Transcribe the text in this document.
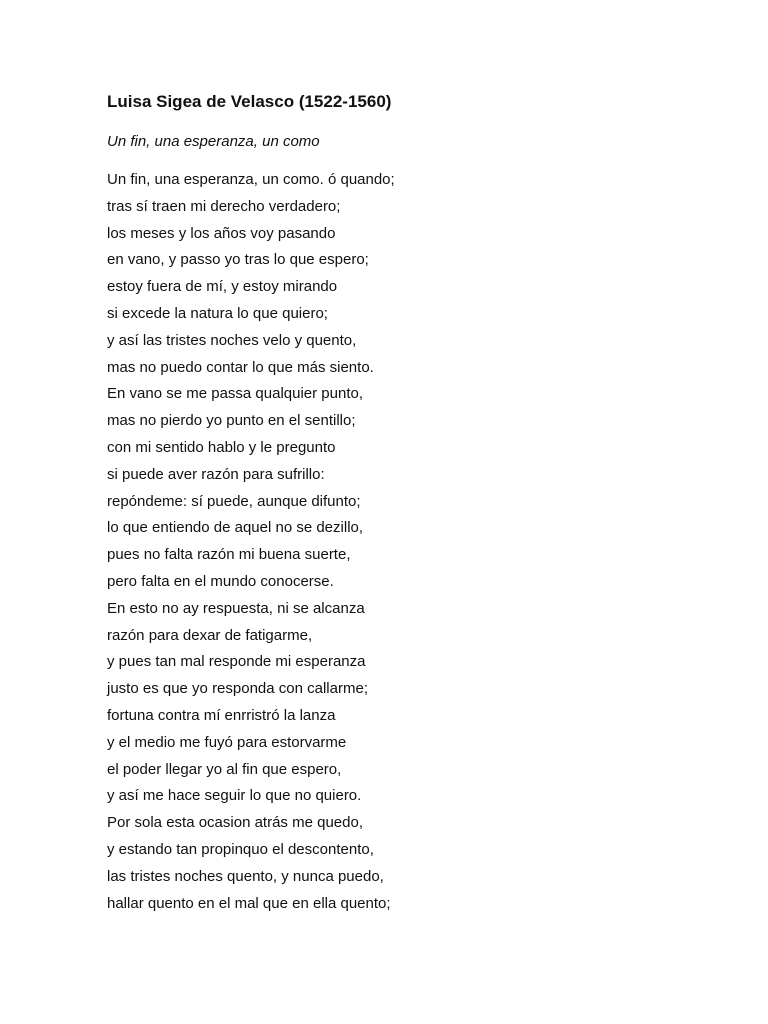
Luisa Sigea de Velasco (1522-1560)

Un fin, una esperanza, un como

Un fin, una esperanza, un como. ó quando;
tras sí traen mi derecho verdadero;
los meses y los años voy pasando
en vano, y passo yo tras lo que espero;
estoy fuera de mí, y estoy mirando
si excede la natura lo que quiero;
y así las tristes noches velo y quento,
mas no puedo contar lo que más siento.
En vano se me passa qualquier punto,
mas no pierdo yo punto en el sentillo;
con mi sentido hablo y le pregunto
si puede aver razón para sufrillo:
repóndeme: sí puede, aunque difunto;
lo que entiendo de aquel no se dezillo,
pues no falta razón mi buena suerte,
pero falta en el mundo conocerse.
En esto no ay respuesta, ni se alcanza
razón para dexar de fatigarme,
y pues tan mal responde mi esperanza
justo es que yo responda con callarme;
fortuna contra mí enrristró la lanza
y el medio me fuyó para estorvarme
el poder llegar yo al fin que espero,
y así me hace seguir lo que no quiero.
Por sola esta ocasion atrás me quedo,
y estando tan propinquo el descontento,
las tristes noches quento, y nunca puedo,
hallar quento en el mal que en ella quento;
